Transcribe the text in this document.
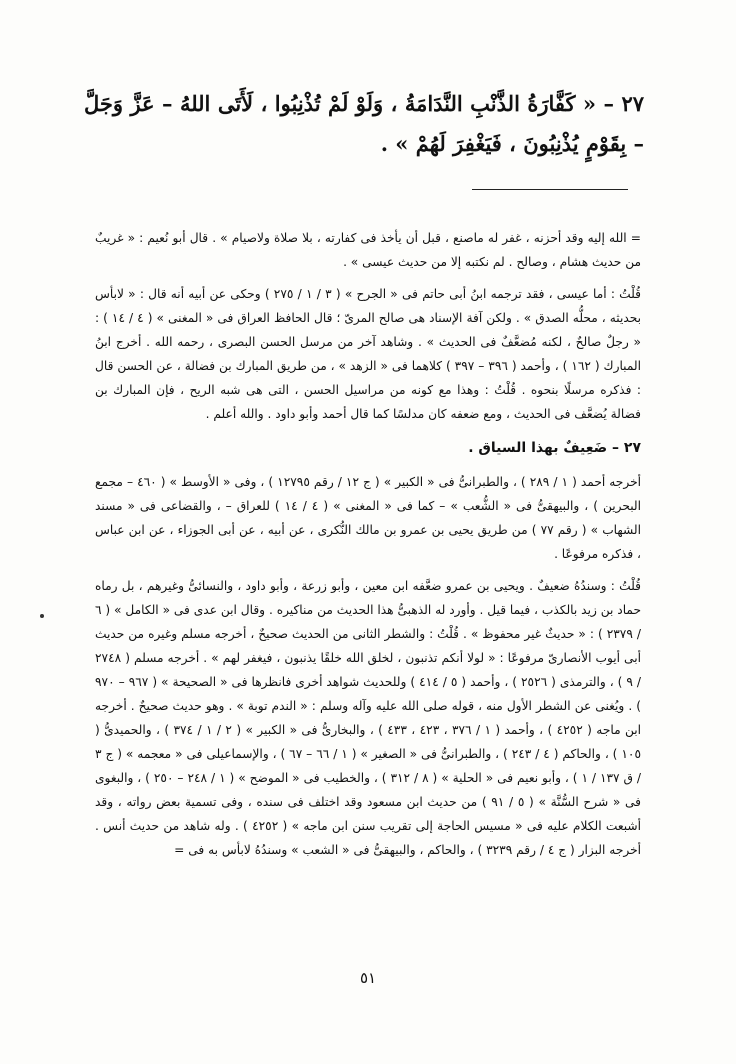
٢٧ – « كَفَّارَةُ الذَّنْبِ النَّدَامَةُ ، وَلَوْ لَمْ تُذْنِبُوا ، لَأَتَى اللهُ – عَزَّ وَجَلَّ – بِقَوْمٍ يُذْنِبُونَ ، فَيَغْفِرَ لَهُمْ » .

= الله إليه وقد أحزنه ، غفر له ماصنع ، قبل أن يأخذ فى كفارته ، بلا صلاة ولاصيام » . قال أبو نُعيم : « غريبٌ من حديث هشام ، وصالح . لم نكتبه إلا من حديث عيسى » .

قُلْتُ : أما عيسى ، فقد ترجمه ابنُ أبى حاتم فى « الجرح » ( ٣ / ١ / ٢٧٥ ) وحكى عن أبيه أنه قال : « لابأس بحديثه ، محلُّه الصدق » . ولكن آفة الإسناد هى صالح المرىّ ؛ قال الحافظ العراق فى « المغنى » ( ٤ / ١٤ ) : « رجلٌ صالحٌ ، لكنه مُضعَّفٌ فى الحديث » . وشاهد آخر من مرسل الحسن البصرى ، رحمه الله . أخرج ابنُ المبارك ( ١٦٢ ) ، وأحمد ( ٣٩٦ – ٣٩٧ ) كلاهما فى « الزهد » ، من طريق المبارك بن فضالة ، عن الحسن قال : فذكره مرسلًا بنحوه . قُلْتُ : وهذا مع كونه من مراسيل الحسن ، التى هى شبه الريح ، فإن المبارك بن فضالة يُضعَّف فى الحديث ، ومع ضعفه كان مدلسًا كما قال أحمد وأبو داود . والله أعلم .

٢٧ – ضَعِيفٌ بهذا السياق .

أخرجه أحمد ( ١ / ٢٨٩ ) ، والطبرانىُّ فى « الكبير » ( ج ١٢ / رقم ١٢٧٩٥ ) ، وفى « الأوسط » ( ٤٦٠ – مجمع البحرين ) ، والبيهقىُّ فى « الشُّعب » – كما فى « المغنى » ( ٤ / ١٤ ) للعراق – ، والقضاعى فى « مسند الشهاب » ( رقم ٧٧ ) من طريق يحيى بن عمرو بن مالك النُّكرى ، عن أبيه ، عن أبى الجوزاء ، عن ابن عباس ، فذكره مرفوعًا .

قُلْتُ : وسندُهُ ضعيفٌ . ويحيى بن عمرو ضعَّفه ابن معين ، وأبو زرعة ، وأبو داود ، والنسائىُّ وغيرهم ، بل رماه حماد بن زيد بالكذب ، فيما قيل . وأورد له الذهبىُّ هذا الحديث من مناكيره . وقال ابن عدى فى « الكامل » ( ٦ / ٢٣٧٩ ) : « حديثٌ غير محفوظ » . قُلْتُ : والشطر الثانى من الحديث صحيحٌ ، أخرجه مسلم وغيره من حديث أبى أيوب الأنصارىّ مرفوعًا : « لولا أنكم تذنبون ، لخلق الله خلقًا يذنبون ، فيغفر لهم » . أخرجه مسلم ( ٢٧٤٨ / ٩ ) ، والترمذى ( ٢٥٢٦ ) ، وأحمد ( ٥ / ٤١٤ ) وللحديث شواهد أخرى فانظرها فى « الصحيحة » ( ٩٦٧ – ٩٧٠ ) . ويُغنى عن الشطر الأول منه ، قوله صلى الله عليه وآله وسلم : « الندم توبة » . وهو حديث صحيحٌ . أخرجه ابن ماجه ( ٤٢٥٢ ) ، وأحمد ( ١ / ٣٧٦ ، ٤٢٣ ، ٤٣٣ ) ، والبخارىُّ فى « الكبير » ( ٢ / ١ / ٣٧٤ ) ، والحميدىُّ ( ١٠٥ ) ، والحاكم ( ٤ / ٢٤٣ ) ، والطبرانىُّ فى « الصغير » ( ١ / ٦٦ – ٦٧ ) ، والإسماعيلى فى « معجمه » ( ج ٣ / ق ١٣٧ / ١ ) ، وأبو نعيم فى « الحلية » ( ٨ / ٣١٢ ) ، والخطيب فى « الموضح » ( ١ / ٢٤٨ – ٢٥٠ ) ، والبغوى فى « شرح السُّنَّة » ( ٥ / ٩١ ) من حديث ابن مسعود وقد اختلف فى سنده ، وفى تسمية بعض رواته ، وقد أشبعت الكلام عليه فى « مسيس الحاجة إلى تقريب سنن ابن ماجه » ( ٤٢٥٢ ) . وله شاهد من حديث أنس . أخرجه البزار ( ج ٤ / رقم ٣٢٣٩ ) ، والحاكم ، والبيهقىُّ فى « الشعب » وسندُهُ لابأس به فى =

٥١
